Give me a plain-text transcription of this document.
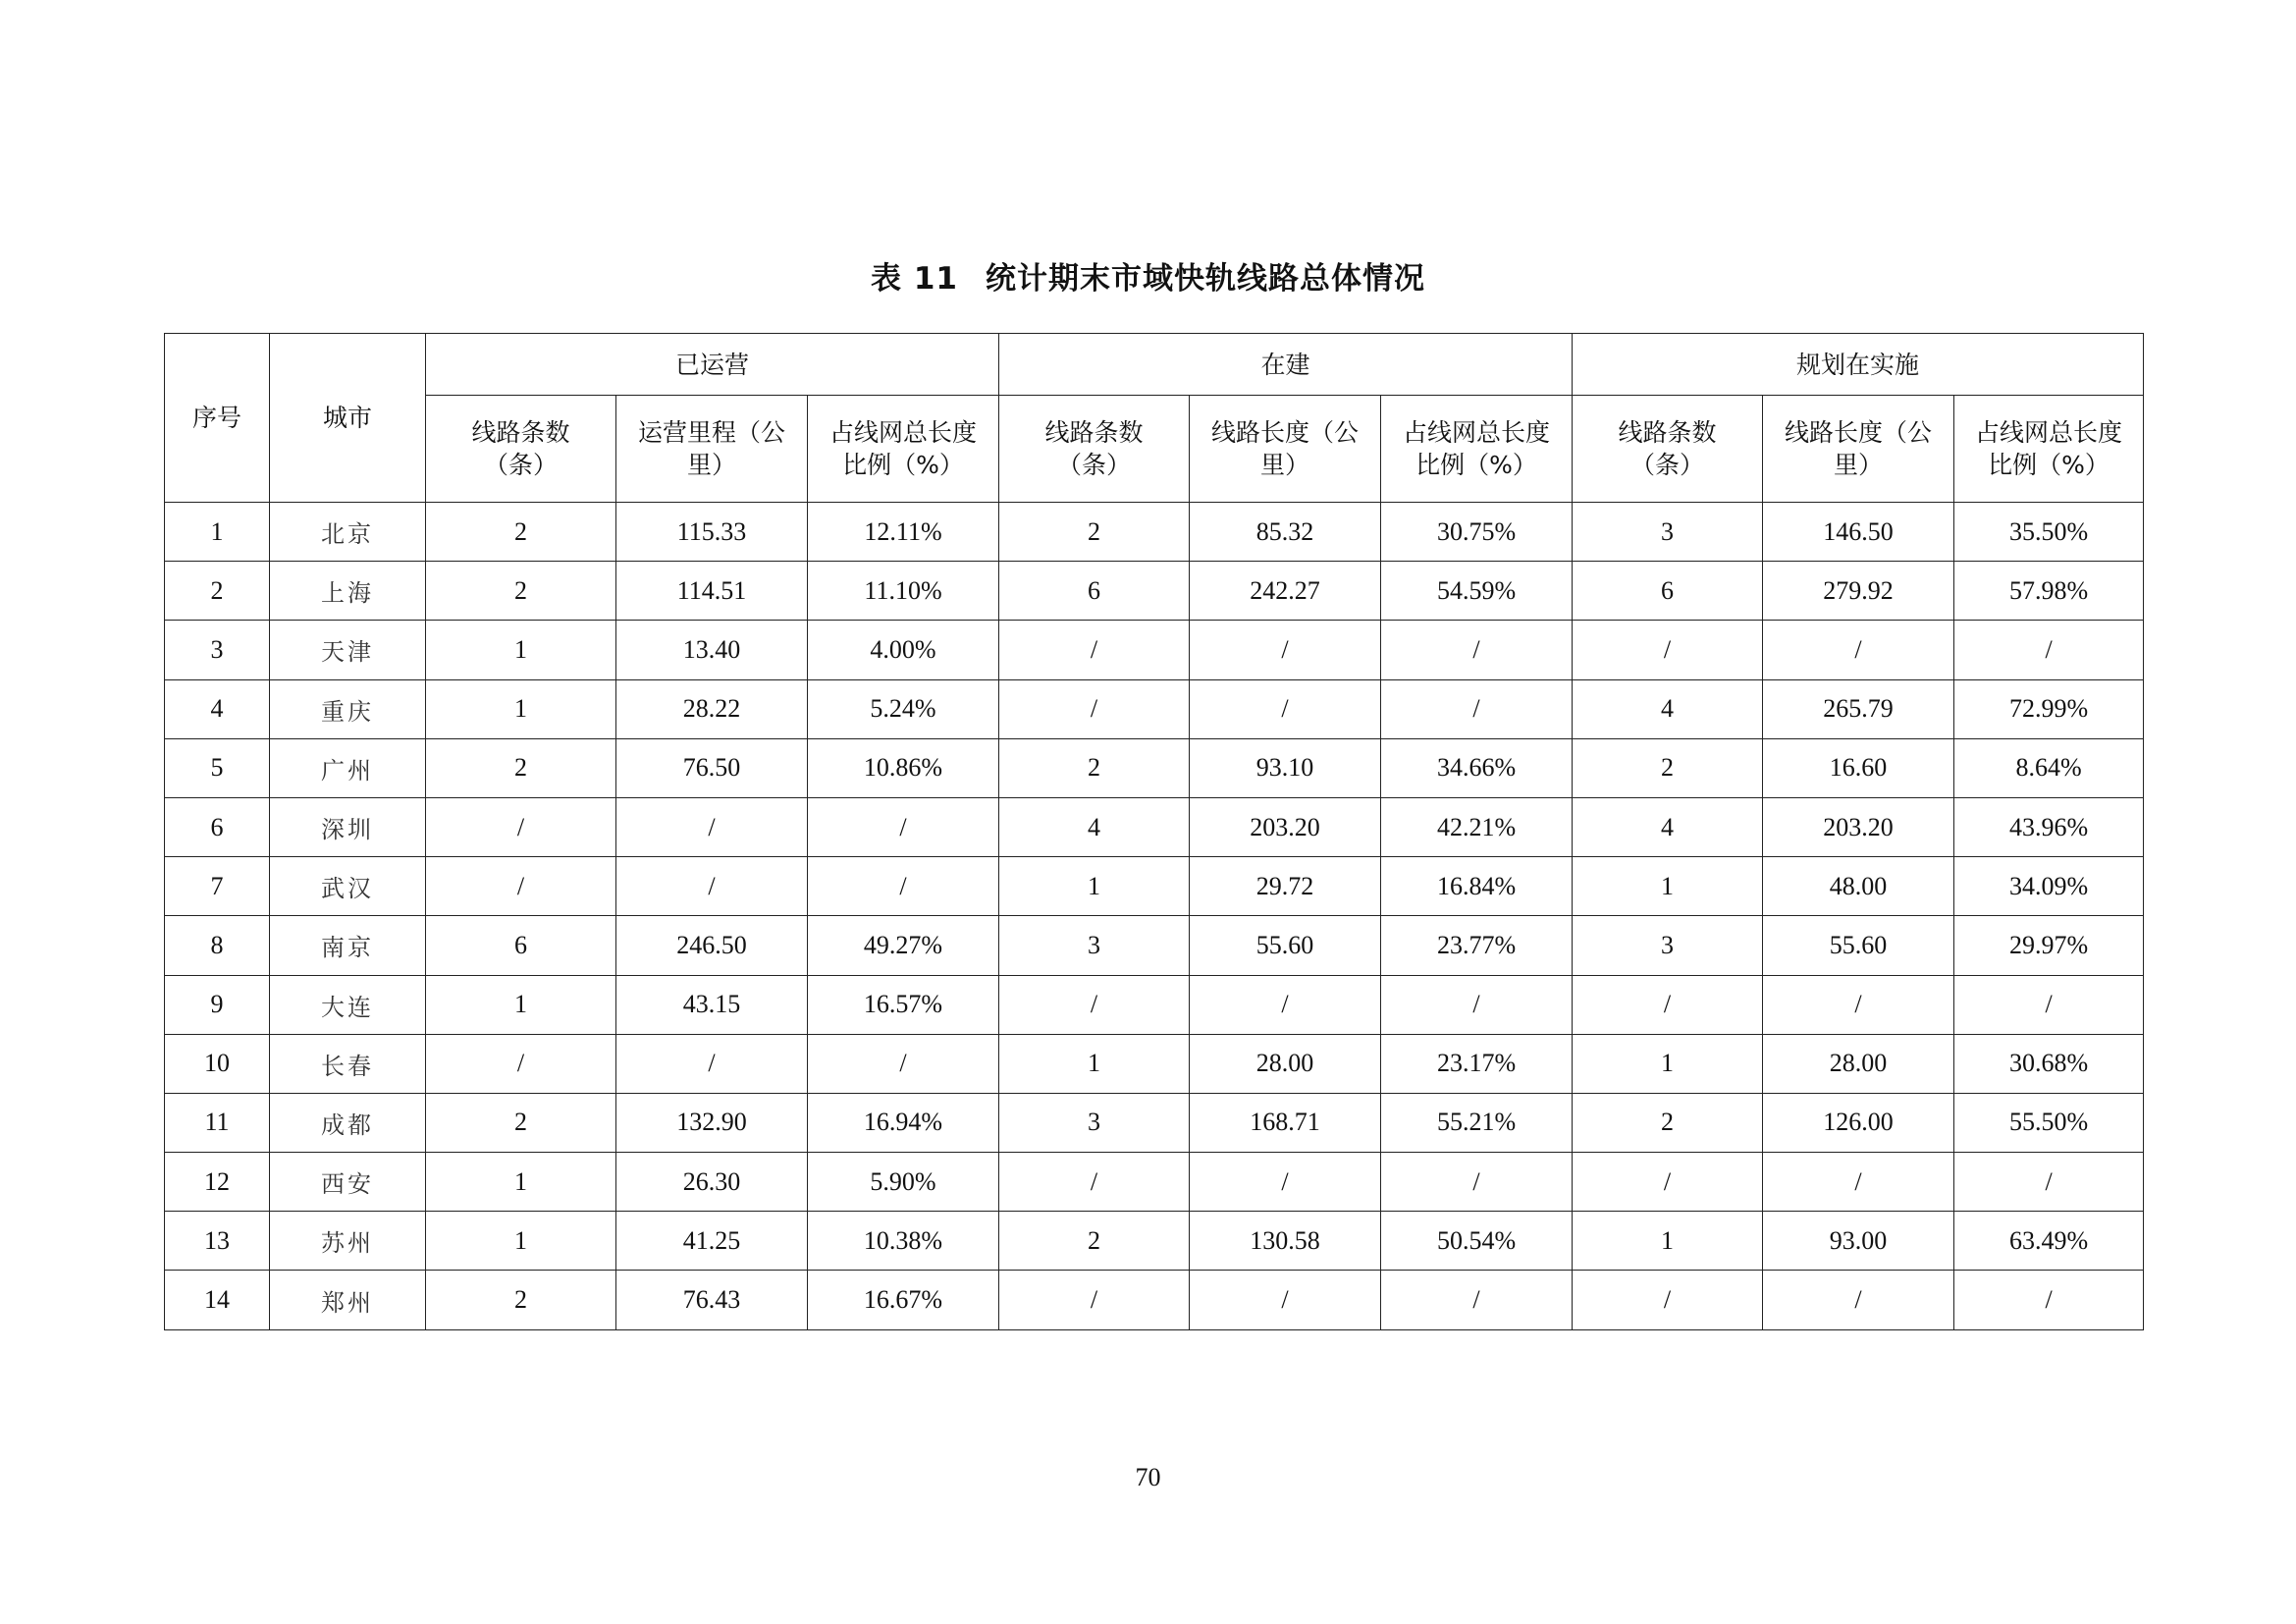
表 11 统计期末市域快轨线路总体情况
序号	城市	已运营			在建			规划在实施		

		线路条数（条）	运营里程（公里）	占线网总长度比例（%）	线路条数（条）	线路长度（公里）	占线网总长度比例（%）	线路条数（条）	线路长度（公里）	占线网总长度比例（%）

1	北京	2	115.33	12.11%	2	85.32	30.75%	3	146.50	35.50%
2	上海	2	114.51	11.10%	6	242.27	54.59%	6	279.92	57.98%
3	天津	1	13.40	4.00%	/	/	/	/	/	/
4	重庆	1	28.22	5.24%	/	/	/	4	265.79	72.99%
5	广州	2	76.50	10.86%	2	93.10	34.66%	2	16.60	8.64%
6	深圳	/	/	/	4	203.20	42.21%	4	203.20	43.96%
7	武汉	/	/	/	1	29.72	16.84%	1	48.00	34.09%
8	南京	6	246.50	49.27%	3	55.60	23.77%	3	55.60	29.97%
9	大连	1	43.15	16.57%	/	/	/	/	/	/
10	长春	/	/	/	1	28.00	23.17%	1	28.00	30.68%
11	成都	2	132.90	16.94%	3	168.71	55.21%	2	126.00	55.50%
12	西安	1	26.30	5.90%	/	/	/	/	/	/
13	苏州	1	41.25	10.38%	2	130.58	50.54%	1	93.00	63.49%
14	郑州	2	76.43	16.67%	/	/	/	/	/	/
70
